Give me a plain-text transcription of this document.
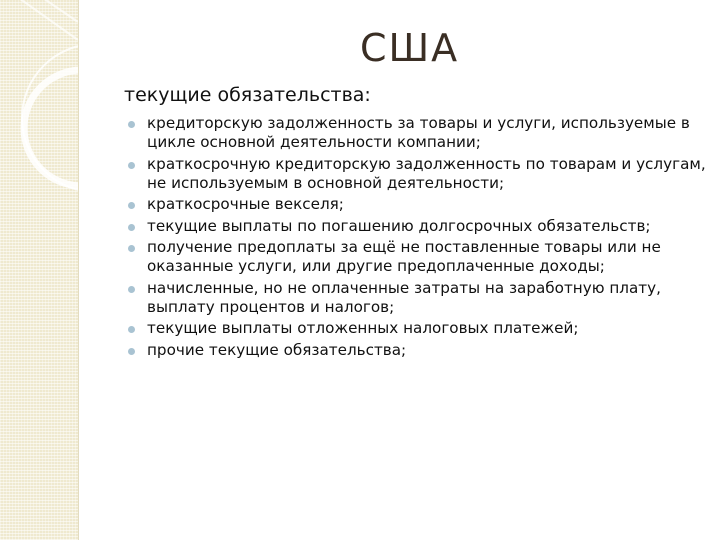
США
текущие обязательства:
кредиторскую задолженность за товары и услуги, используемые в цикле основной деятельности компании;
краткосрочную кредиторскую задолженность по товарам и услугам, не используемым в основной деятельности;
краткосрочные векселя;
текущие выплаты по погашению долгосрочных обязательств;
получение предоплаты за ещё не поставленные товары или не оказанные услуги, или другие предоплаченные доходы;
начисленные, но не оплаченные затраты на заработную плату, выплату процентов и налогов;
текущие выплаты отложенных налоговых платежей;
прочие текущие обязательства;
